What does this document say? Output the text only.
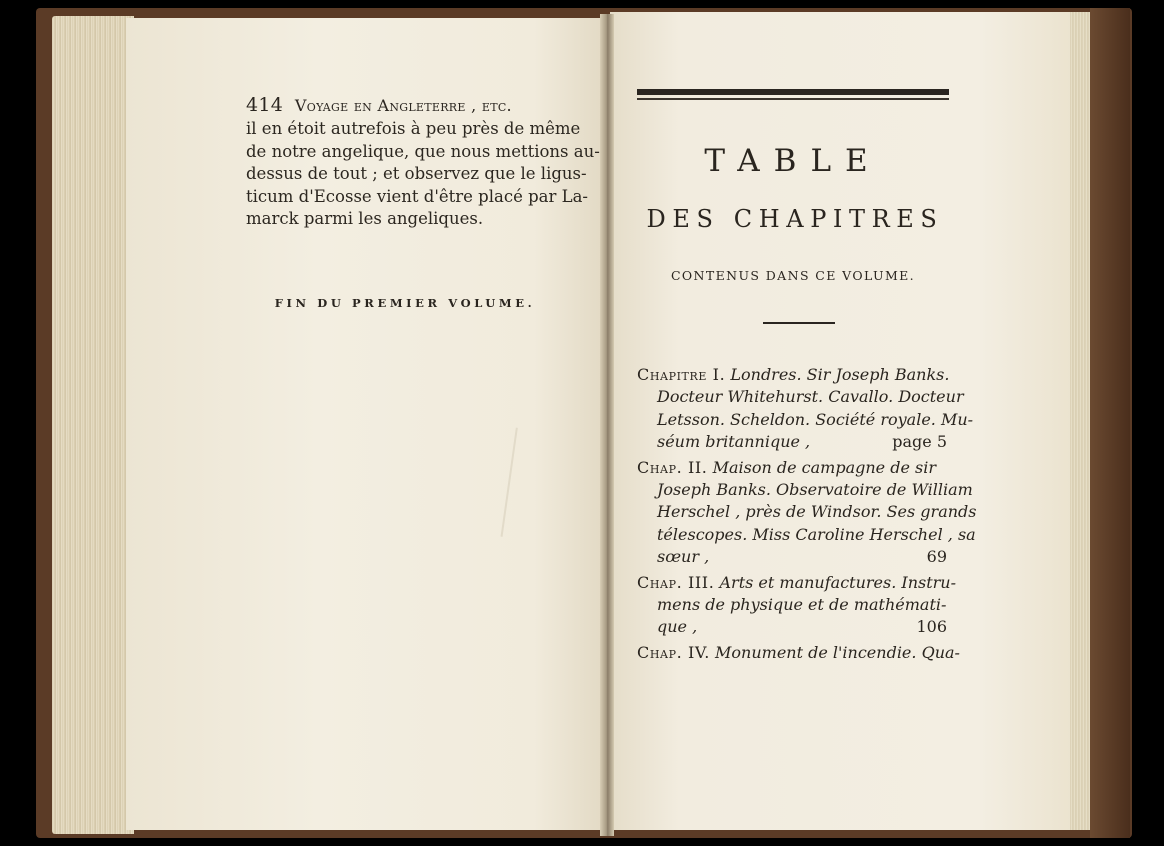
414 Voyage en Angleterre , etc.
il en étoit autrefois à peu près de même
de notre angelique, que nous mettions au-
dessus de tout ; et observez que le ligus-
ticum d'Ecosse vient d'être placé par La-
marck parmi les angeliques.
FIN DU PREMIER VOLUME.
TABLE
DES CHAPITRES
CONTENUS DANS CE VOLUME.
Chapitre I. Londres. Sir Joseph Banks.
Docteur Whitehurst. Cavallo. Docteur
Letsson. Scheldon. Société royale. Mu-
séum britannique ,	page 5
Chap. II. Maison de campagne de sir
Joseph Banks. Observatoire de William
Herschel , près de Windsor. Ses grands
télescopes. Miss Caroline Herschel , sa
sœur ,	69
Chap. III. Arts et manufactures. Instru-
mens de physique et de mathémati-
que ,	106
Chap. IV. Monument de l'incendie. Qua-
